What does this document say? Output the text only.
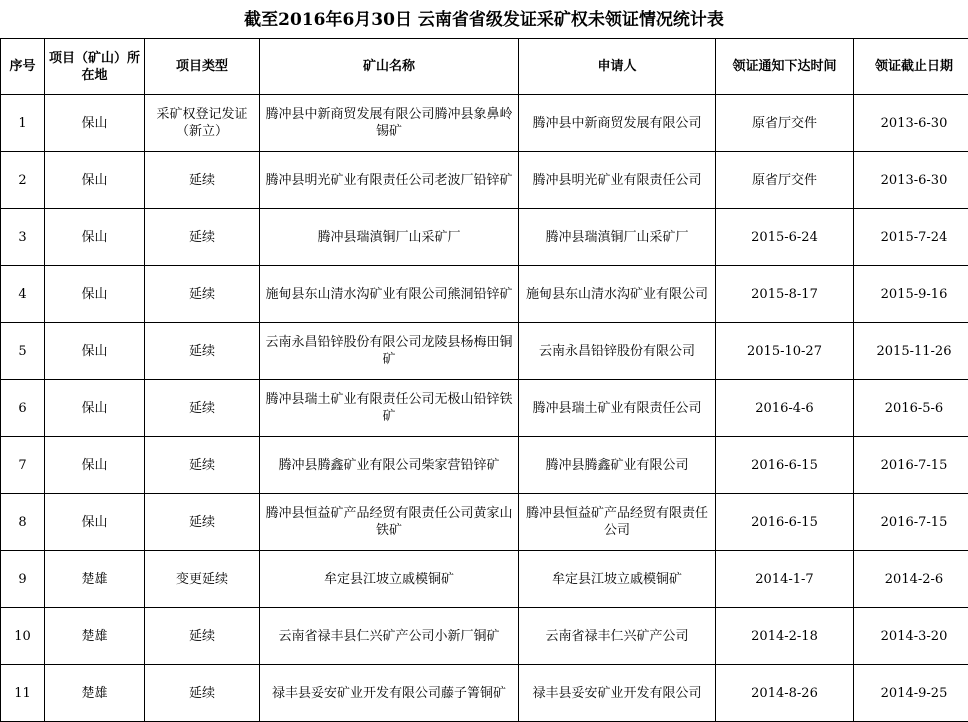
截至2016年6月30日 云南省省级发证采矿权未领证情况统计表
序号	项目（矿山）所在地	项目类型	矿山名称	申请人	领证通知下达时间	领证截止日期
1	保山	采矿权登记发证（新立）	腾冲县中新商贸发展有限公司腾冲县象鼻岭锡矿	腾冲县中新商贸发展有限公司	原省厅交件	2013-6-30
2	保山	延续	腾冲县明光矿业有限责任公司老波厂铅锌矿	腾冲县明光矿业有限责任公司	原省厅交件	2013-6-30
3	保山	延续	腾冲县瑞滇铜厂山采矿厂	腾冲县瑞滇铜厂山采矿厂	2015-6-24	2015-7-24
4	保山	延续	施甸县东山清水沟矿业有限公司熊洞铅锌矿	施甸县东山清水沟矿业有限公司	2015-8-17	2015-9-16
5	保山	延续	云南永昌铅锌股份有限公司龙陵县杨梅田铜矿	云南永昌铅锌股份有限公司	2015-10-27	2015-11-26
6	保山	延续	腾冲县瑞土矿业有限责任公司无极山铅锌铁矿	腾冲县瑞土矿业有限责任公司	2016-4-6	2016-5-6
7	保山	延续	腾冲县腾鑫矿业有限公司柴家营铅锌矿	腾冲县腾鑫矿业有限公司	2016-6-15	2016-7-15
8	保山	延续	腾冲县恒益矿产品经贸有限责任公司黄家山铁矿	腾冲县恒益矿产品经贸有限责任公司	2016-6-15	2016-7-15
9	楚雄	变更延续	牟定县江坡立戚模铜矿	牟定县江坡立戚模铜矿	2014-1-7	2014-2-6
10	楚雄	延续	云南省禄丰县仁兴矿产公司小新厂铜矿	云南省禄丰仁兴矿产公司	2014-2-18	2014-3-20
11	楚雄	延续	禄丰县妥安矿业开发有限公司藤子箐铜矿	禄丰县妥安矿业开发有限公司	2014-8-26	2014-9-25
